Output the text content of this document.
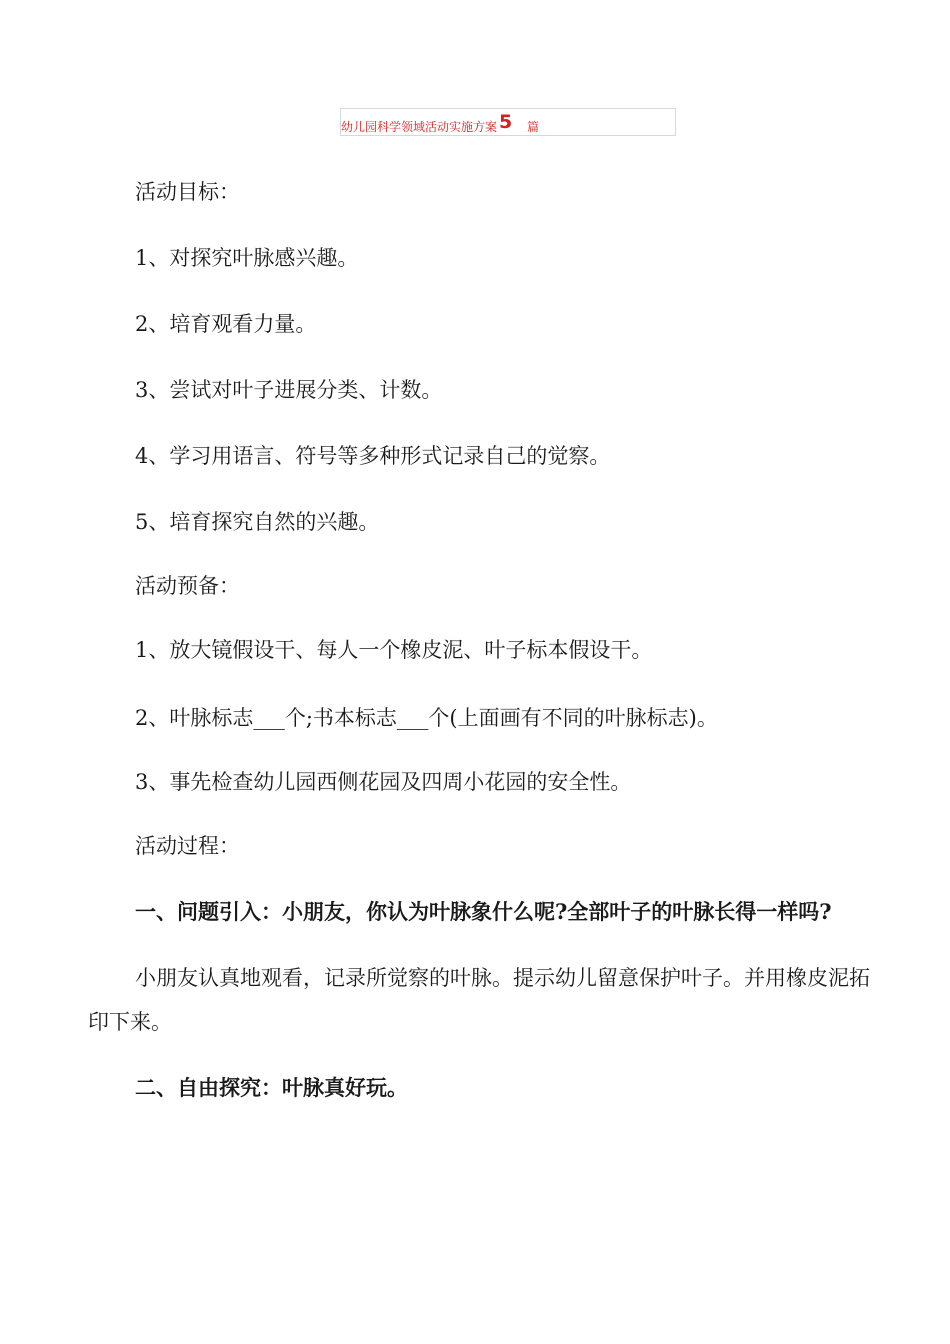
幼儿园科学领域活动实施方案 5 篇
活动目标：
1、对探究叶脉感兴趣。
2、培育观看力量。
3、尝试对叶子进展分类、计数。
4、学习用语言、符号等多种形式记录自己的觉察。
5、培育探究自然的兴趣。
活动预备：
1、放大镜假设干、每人一个橡皮泥、叶子标本假设干。
2、叶脉标志___个;书本标志___个(上面画有不同的叶脉标志)。
3、事先检查幼儿园西侧花园及四周小花园的安全性。
活动过程：
一、问题引入：小朋友，你认为叶脉象什么呢?全部叶子的叶脉长得一样吗?
小朋友认真地观看，记录所觉察的叶脉。提示幼儿留意保护叶子。并用橡皮泥拓印下来。
二、自由探究：叶脉真好玩。
